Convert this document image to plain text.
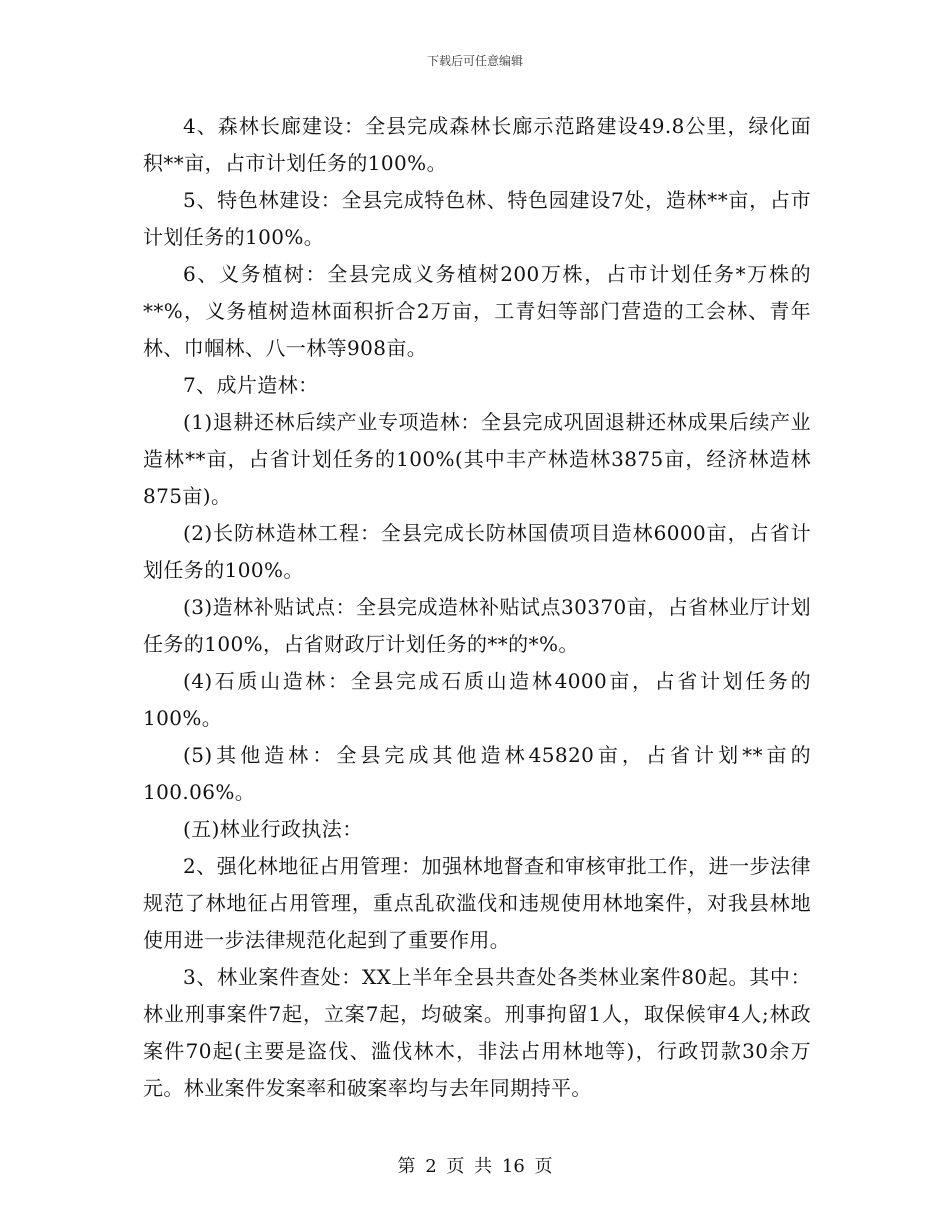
下载后可任意编辑

4、森林长廊建设：全县完成森林长廊示范路建设49.8公里，绿化面积**亩，占市计划任务的100%。

5、特色林建设：全县完成特色林、特色园建设7处，造林**亩，占市计划任务的100%。

6、义务植树：全县完成义务植树200万株，占市计划任务*万株的**%，义务植树造林面积折合2万亩，工青妇等部门营造的工会林、青年林、巾帼林、八一林等908亩。

7、成片造林：

(1)退耕还林后续产业专项造林：全县完成巩固退耕还林成果后续产业造林**亩，占省计划任务的100%(其中丰产林造林3875亩，经济林造林875亩)。

(2)长防林造林工程：全县完成长防林国债项目造林6000亩，占省计划任务的100%。

(3)造林补贴试点：全县完成造林补贴试点30370亩，占省林业厅计划任务的100%，占省财政厅计划任务的**的*%。

(4)石质山造林：全县完成石质山造林4000亩，占省计划任务的100%。

(5)其他造林：全县完成其他造林45820亩，占省计划**亩的100.06%。

(五)林业行政执法：

2、强化林地征占用管理：加强林地督查和审核审批工作，进一步法律规范了林地征占用管理，重点乱砍滥伐和违规使用林地案件，对我县林地使用进一步法律规范化起到了重要作用。

3、林业案件查处：XX上半年全县共查处各类林业案件80起。其中：林业刑事案件7起，立案7起，均破案。刑事拘留1人，取保候审4人;林政案件70起(主要是盗伐、滥伐林木，非法占用林地等)，行政罚款30余万元。林业案件发案率和破案率均与去年同期持平。

第 2 页 共 16 页
